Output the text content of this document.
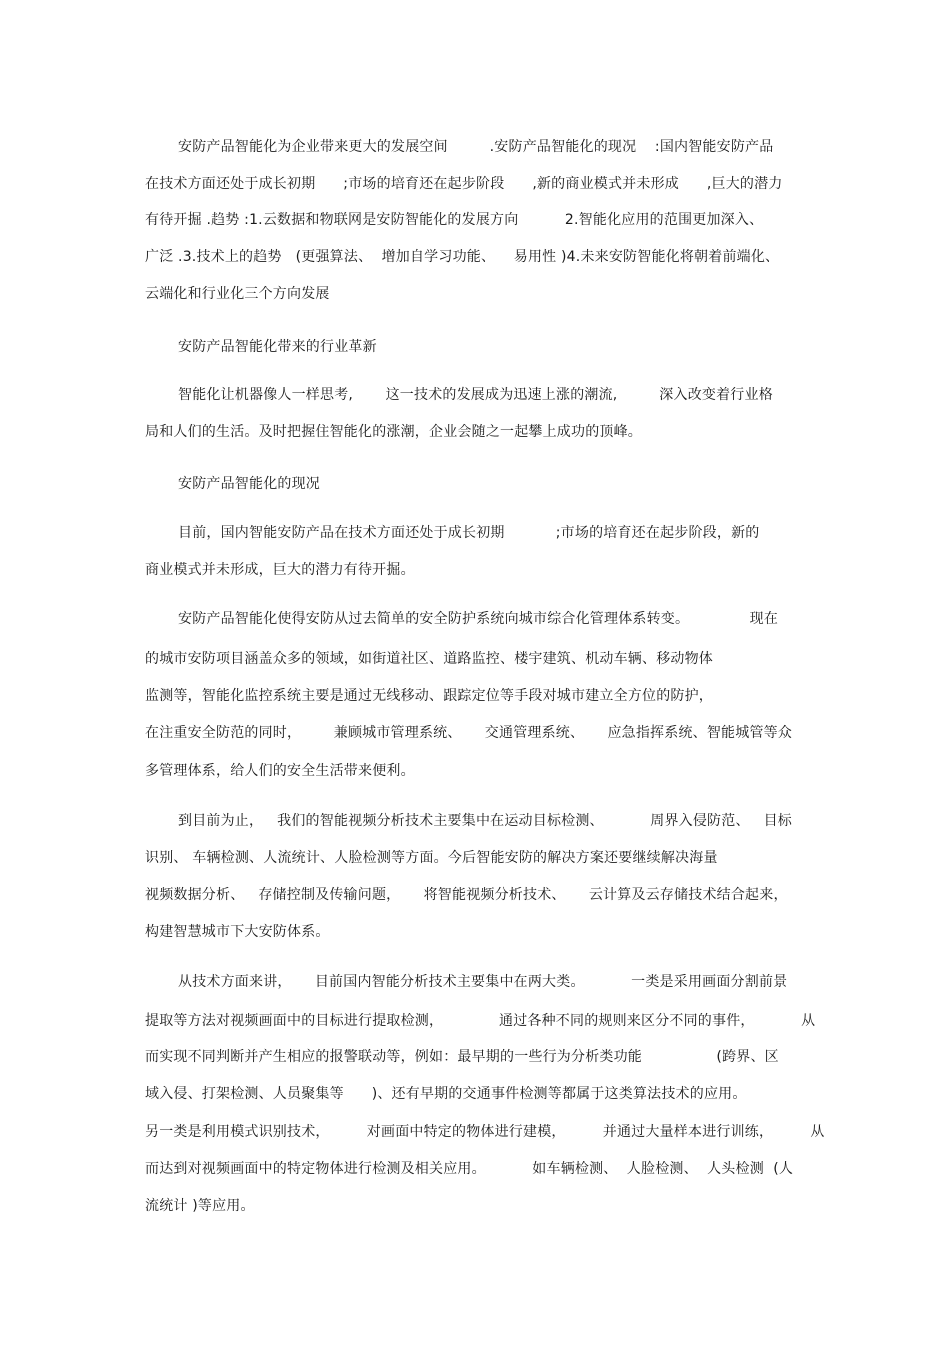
安防产品智能化为企业带来更大的发展空间         .安防产品智能化的现况    :国内智能安防产品
在技术方面还处于成长初期      ;市场的培育还在起步阶段      ,新的商业模式并未形成      ,巨大的潜力
有待开掘 .趋势 :1.云数据和物联网是安防智能化的发展方向          2.智能化应用的范围更加深入、
广泛 .3.技术上的趋势   (更强算法、  增加自学习功能、    易用性 )4.未来安防智能化将朝着前端化、
云端化和行业化三个方向发展
安防产品智能化带来的行业革新
智能化让机器像人一样思考,       这一技术的发展成为迅速上涨的潮流,         深入改变着行业格
局和人们的生活。及时把握住智能化的涨潮，企业会随之一起攀上成功的顶峰。
安防产品智能化的现况
目前，国内智能安防产品在技术方面还处于成长初期           ;市场的培育还在起步阶段，新的
商业模式并未形成，巨大的潜力有待开掘。
安防产品智能化使得安防从过去简单的安全防护系统向城市综合化管理体系转变。             现在
的城市安防项目涵盖众多的领域，如街道社区、道路监控、楼宇建筑、机动车辆、移动物体
监测等，智能化监控系统主要是通过无线移动、跟踪定位等手段对城市建立全方位的防护，
在注重安全防范的同时，       兼顾城市管理系统、     交通管理系统、     应急指挥系统、智能城管等众
多管理体系，给人们的安全生活带来便利。
到目前为止，   我们的智能视频分析技术主要集中在运动目标检测、          周界入侵防范、   目标
识别、 车辆检测、人流统计、人脸检测等方面。今后智能安防的解决方案还要继续解决海量
视频数据分析、   存储控制及传输问题，     将智能视频分析技术、     云计算及云存储技术结合起来，
构建智慧城市下大安防体系。
从技术方面来讲，     目前国内智能分析技术主要集中在两大类。          一类是采用画面分割前景
提取等方法对视频画面中的目标进行提取检测，            通过各种不同的规则来区分不同的事件，          从
而实现不同判断并产生相应的报警联动等，例如：最早期的一些行为分析类功能                (跨界、区
域入侵、打架检测、人员聚集等      )、还有早期的交通事件检测等都属于这类算法技术的应用。
另一类是利用模式识别技术，        对画面中特定的物体进行建模，        并通过大量样本进行训练，        从
而达到对视频画面中的特定物体进行检测及相关应用。          如车辆检测、  人脸检测、  人头检测  (人
流统计 )等应用。
